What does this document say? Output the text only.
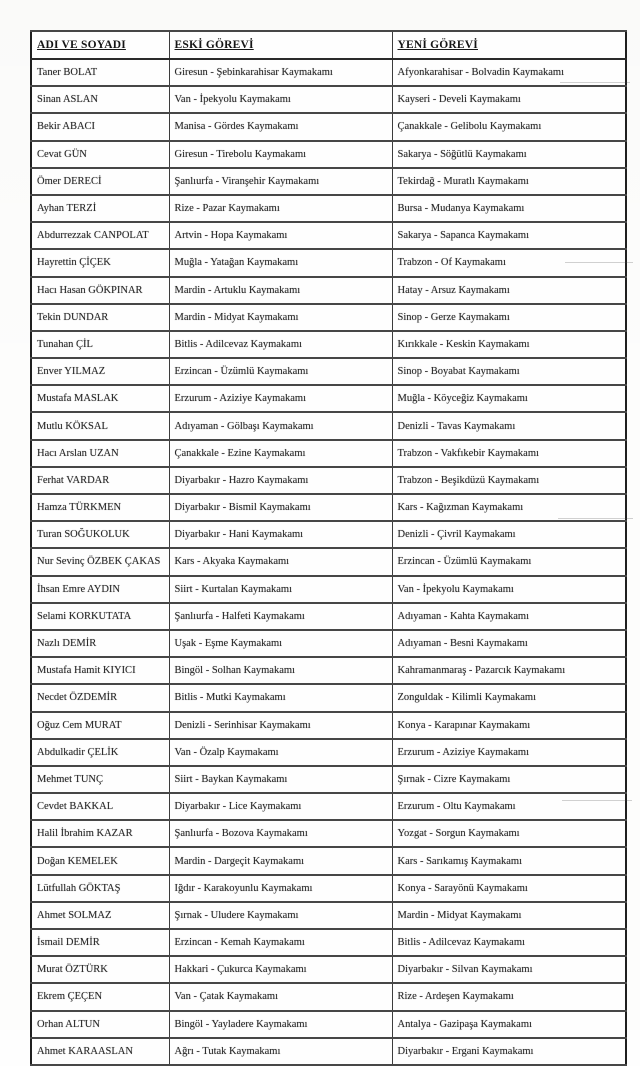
ADI VE SOYADI	ESKİ GÖREVİ	YENİ GÖREVİ
Taner BOLAT	Giresun - Şebinkarahisar Kaymakamı	Afyonkarahisar - Bolvadin Kaymakamı
Sinan ASLAN	Van - İpekyolu Kaymakamı	Kayseri - Develi Kaymakamı
Bekir ABACI	Manisa - Gördes Kaymakamı	Çanakkale - Gelibolu Kaymakamı
Cevat GÜN	Giresun - Tirebolu Kaymakamı	Sakarya - Söğütlü Kaymakamı
Ömer DERECİ	Şanlıurfa - Viranşehir Kaymakamı	Tekirdağ - Muratlı Kaymakamı
Ayhan TERZİ	Rize - Pazar Kaymakamı	Bursa - Mudanya Kaymakamı
Abdurrezzak CANPOLAT	Artvin - Hopa Kaymakamı	Sakarya - Sapanca Kaymakamı
Hayrettin ÇİÇEK	Muğla - Yatağan Kaymakamı	Trabzon - Of Kaymakamı
Hacı Hasan GÖKPINAR	Mardin - Artuklu Kaymakamı	Hatay - Arsuz Kaymakamı
Tekin DUNDAR	Mardin - Midyat Kaymakamı	Sinop - Gerze Kaymakamı
Tunahan ÇİL	Bitlis - Adilcevaz Kaymakamı	Kırıkkale - Keskin Kaymakamı
Enver YILMAZ	Erzincan - Üzümlü Kaymakamı	Sinop - Boyabat Kaymakamı
Mustafa MASLAK	Erzurum - Aziziye Kaymakamı	Muğla - Köyceğiz Kaymakamı
Mutlu KÖKSAL	Adıyaman - Gölbaşı Kaymakamı	Denizli - Tavas Kaymakamı
Hacı Arslan UZAN	Çanakkale - Ezine Kaymakamı	Trabzon - Vakfıkebir Kaymakamı
Ferhat VARDAR	Diyarbakır - Hazro Kaymakamı	Trabzon - Beşikdüzü Kaymakamı
Hamza TÜRKMEN	Diyarbakır - Bismil Kaymakamı	Kars - Kağızman Kaymakamı
Turan SOĞUKOLUK	Diyarbakır - Hani Kaymakamı	Denizli - Çivril Kaymakamı
Nur Sevinç ÖZBEK ÇAKAS	Kars - Akyaka Kaymakamı	Erzincan - Üzümlü Kaymakamı
İhsan Emre AYDIN	Siirt - Kurtalan Kaymakamı	Van - İpekyolu Kaymakamı
Selami KORKUTATA	Şanlıurfa - Halfeti Kaymakamı	Adıyaman - Kahta Kaymakamı
Nazlı DEMİR	Uşak - Eşme Kaymakamı	Adıyaman - Besni Kaymakamı
Mustafa Hamit KIYICI	Bingöl - Solhan Kaymakamı	Kahramanmaraş - Pazarcık Kaymakamı
Necdet ÖZDEMİR	Bitlis - Mutki Kaymakamı	Zonguldak - Kilimli Kaymakamı
Oğuz Cem MURAT	Denizli - Serinhisar Kaymakamı	Konya - Karapınar Kaymakamı
Abdulkadir ÇELİK	Van - Özalp Kaymakamı	Erzurum - Aziziye Kaymakamı
Mehmet TUNÇ	Siirt - Baykan Kaymakamı	Şırnak - Cizre Kaymakamı
Cevdet BAKKAL	Diyarbakır - Lice Kaymakamı	Erzurum - Oltu Kaymakamı
Halil İbrahim KAZAR	Şanlıurfa - Bozova Kaymakamı	Yozgat - Sorgun Kaymakamı
Doğan KEMELEK	Mardin - Dargeçit Kaymakamı	Kars - Sarıkamış Kaymakamı
Lütfullah GÖKTAŞ	Iğdır - Karakoyunlu Kaymakamı	Konya - Sarayönü Kaymakamı
Ahmet SOLMAZ	Şırnak - Uludere Kaymakamı	Mardin - Midyat Kaymakamı
İsmail DEMİR	Erzincan - Kemah Kaymakamı	Bitlis - Adilcevaz Kaymakamı
Murat ÖZTÜRK	Hakkari - Çukurca Kaymakamı	Diyarbakır - Silvan Kaymakamı
Ekrem ÇEÇEN	Van - Çatak Kaymakamı	Rize - Ardeşen Kaymakamı
Orhan ALTUN	Bingöl - Yayladere Kaymakamı	Antalya - Gazipaşa Kaymakamı
Ahmet KARAASLAN	Ağrı - Tutak Kaymakamı	Diyarbakır - Ergani Kaymakamı
